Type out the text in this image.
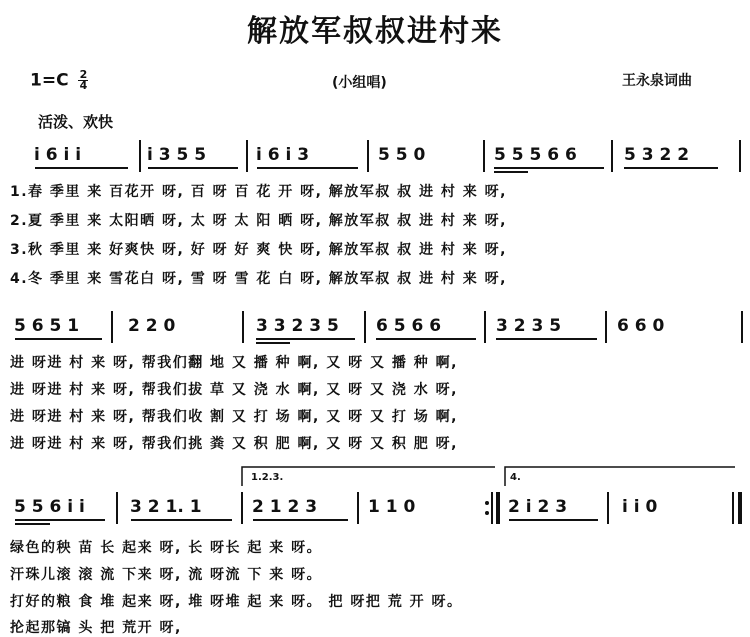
解放军叔叔进村来
$1=C \frac{2}{4}$	(小组唱)	王永泉词曲
活泼、欢快
i 6 i i	i 3 5 5	i 6 i 3	5 5 0	5 5 5 6 6	5 3 2 2
1.春 季里 来 百花开 呀, 百 呀 百 花 开 呀, 解放军叔 叔 进 村 来 呀,
2.夏 季里 来 太阳晒 呀, 太 呀 太 阳 晒 呀, 解放军叔 叔 进 村 来 呀,
3.秋 季里 来 好爽快 呀, 好 呀 好 爽 快 呀, 解放军叔 叔 进 村 来 呀,
4.冬 季里 来 雪花白 呀, 雪 呀 雪 花 白 呀, 解放军叔 叔 进 村 来 呀,
5 6 5 1	2 2 0	3 3 2 3 5 6 5 6 6	3 2 3 5	6 6 0
进 呀进 村 来 呀, 帮我们翻 地 又 播 种 啊, 又 呀 又 播 种 啊,
进 呀进 村 来 呀, 帮我们拔 草 又 浇 水 啊, 又 呀 又 浇 水 呀,
进 呀进 村 来 呀, 帮我们收 割 又 打 场 啊, 又 呀 又 打 场 啊,
进 呀进 村 来 呀, 帮我们挑 粪 又 积 肥 啊, 又 呀 又 积 肥 呀,
1.2.3.	4.
5 5 6 i i	3 2 1. 1	2 1 2 3	1 1 0	2 i 2 3	i i 0
绿色的秧 苗 长 起来 呀, 长 呀长 起 来 呀。
汗珠儿滚 滚 流 下来 呀, 流 呀流 下 来 呀。
打好的粮 食 堆 起来 呀, 堆 呀堆 起 来 呀。 把 呀把 荒 开 呀。
抡起那镐 头 把 荒开 呀,
